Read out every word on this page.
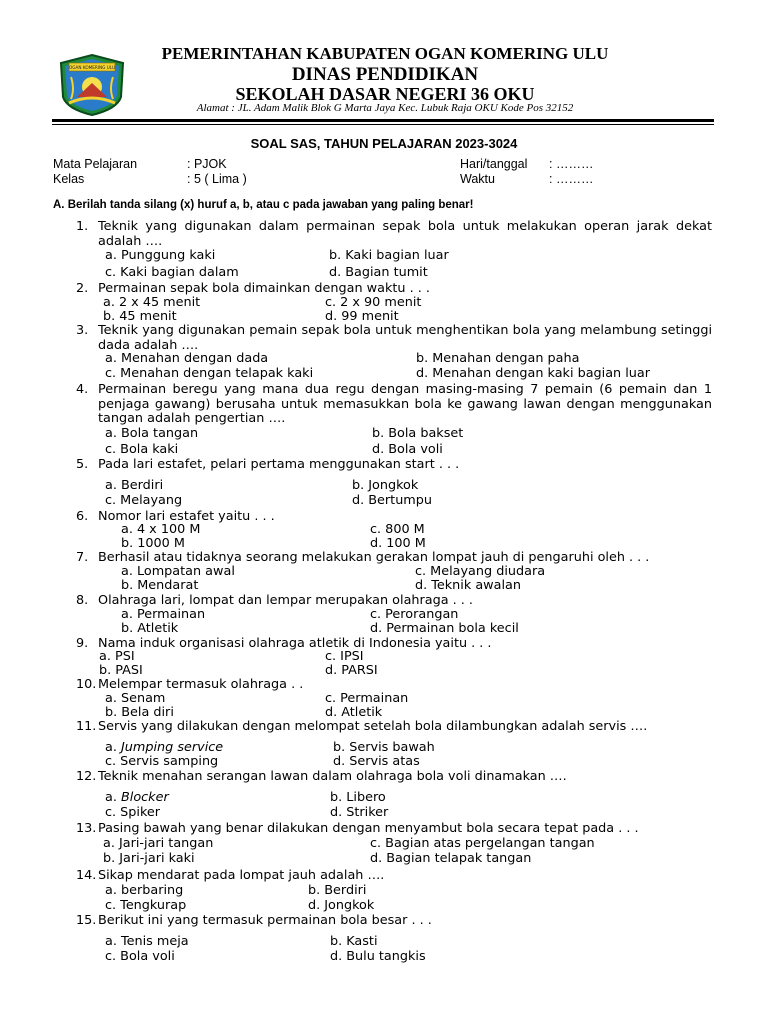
OGAN KOMERING ULU
PEMERINTAHAN KABUPATEN OGAN KOMERING ULU
DINAS PENDIDIKAN
SEKOLAH DASAR NEGERI 36 OKU
Alamat : JL. Adam Malik Blok G Marta Jaya Kec. Lubuk Raja OKU Kode Pos 32152
SOAL SAS, TAHUN PELAJARAN 2023-3024
Mata Pelajaran	: PJOK
Kelas	: 5 ( Lima )
Hari/tanggal : ………
Waktu	: ………
A. Berilah tanda silang (x) huruf a, b, atau c pada jawaban yang paling benar!
1. Teknik yang digunakan dalam permainan sepak bola untuk melakukan operan jarak dekat adalah ….
a. Punggung kaki	b. Kaki bagian luar
c. Kaki bagian dalam	d. Bagian tumit
2. Permainan sepak bola dimainkan dengan waktu . . .
a. 2 x 45 menit	c. 2 x 90 menit
b. 45 menit	d. 99 menit
3. Teknik yang digunakan pemain sepak bola untuk menghentikan bola yang melambung setinggi dada adalah ….
a. Menahan dengan dada	b. Menahan dengan paha
c. Menahan dengan telapak kaki	d. Menahan dengan kaki bagian luar
4. Permainan beregu yang mana dua regu dengan masing-masing 7 pemain (6 pemain dan 1 penjaga gawang) berusaha untuk memasukkan bola ke gawang lawan dengan menggunakan tangan adalah pengertian ….
a. Bola tangan	b. Bola bakset
c. Bola kaki	d. Bola voli
5. Pada lari estafet, pelari pertama menggunakan start . . .
a. Berdiri	b. Jongkok
c. Melayang	d. Bertumpu
6. Nomor lari estafet yaitu . . .
a. 4 x 100 M	c. 800 M
b. 1000 M	d. 100 M
7. Berhasil atau tidaknya seorang melakukan gerakan lompat jauh di pengaruhi oleh . . .
a. Lompatan awal	c. Melayang diudara
b. Mendarat	d. Teknik awalan
8. Olahraga lari, lompat dan lempar merupakan olahraga . . .
a. Permainan	c. Perorangan
b. Atletik	d. Permainan bola kecil
9. Nama induk organisasi olahraga atletik di Indonesia yaitu . . .
a. PSI	c. IPSI
b. PASI	d. PARSI
10. Melempar termasuk olahraga . .
a. Senam	c. Permainan
b. Bela diri	d. Atletik
11. Servis yang dilakukan dengan melompat setelah bola dilambungkan adalah servis ….
a. Jumping service	b. Servis bawah
c. Servis samping	d. Servis atas
12. Teknik menahan serangan lawan dalam olahraga bola voli dinamakan ….
a. Blocker	b. Libero
c. Spiker	d. Striker
13. Pasing bawah yang benar dilakukan dengan menyambut bola secara tepat pada . . .
a. Jari-jari tangan	c. Bagian atas pergelangan tangan
b. Jari-jari kaki	d. Bagian telapak tangan
14. Sikap mendarat pada lompat jauh adalah ….
a. berbaring	b. Berdiri
c. Tengkurap	d. Jongkok
15. Berikut ini yang termasuk permainan bola besar . . .
a. Tenis meja	b. Kasti
c. Bola voli	d. Bulu tangkis
